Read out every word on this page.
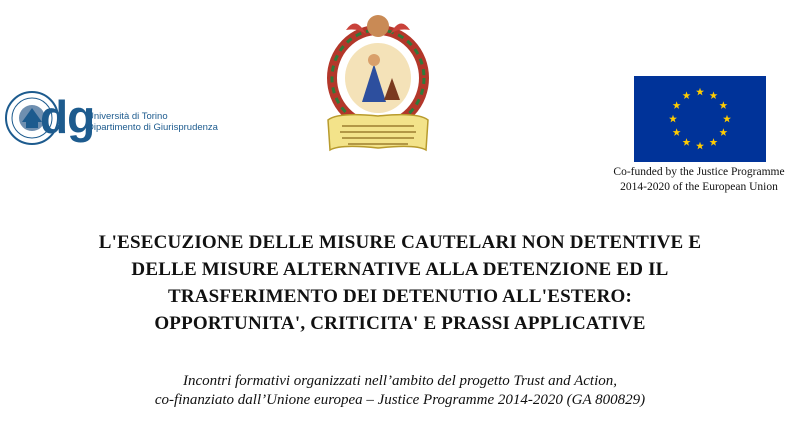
dg
Università di Torino
Dipartimento di Giurisprudenza
Co-funded by the Justice Programme
2014-2020 of the European Union
L'ESECUZIONE DELLE MISURE CAUTELARI NON DETENTIVE E
DELLE MISURE ALTERNATIVE ALLA DETENZIONE ED IL
TRASFERIMENTO DEI DETENUTIO ALL'ESTERO:
OPPORTUNITA', CRITICITA' E PRASSI APPLICATIVE
Incontri formativi organizzati nell’ambito del progetto Trust and Action,
co-finanziato dall’Unione europea – Justice Programme 2014-2020 (GA 800829)
